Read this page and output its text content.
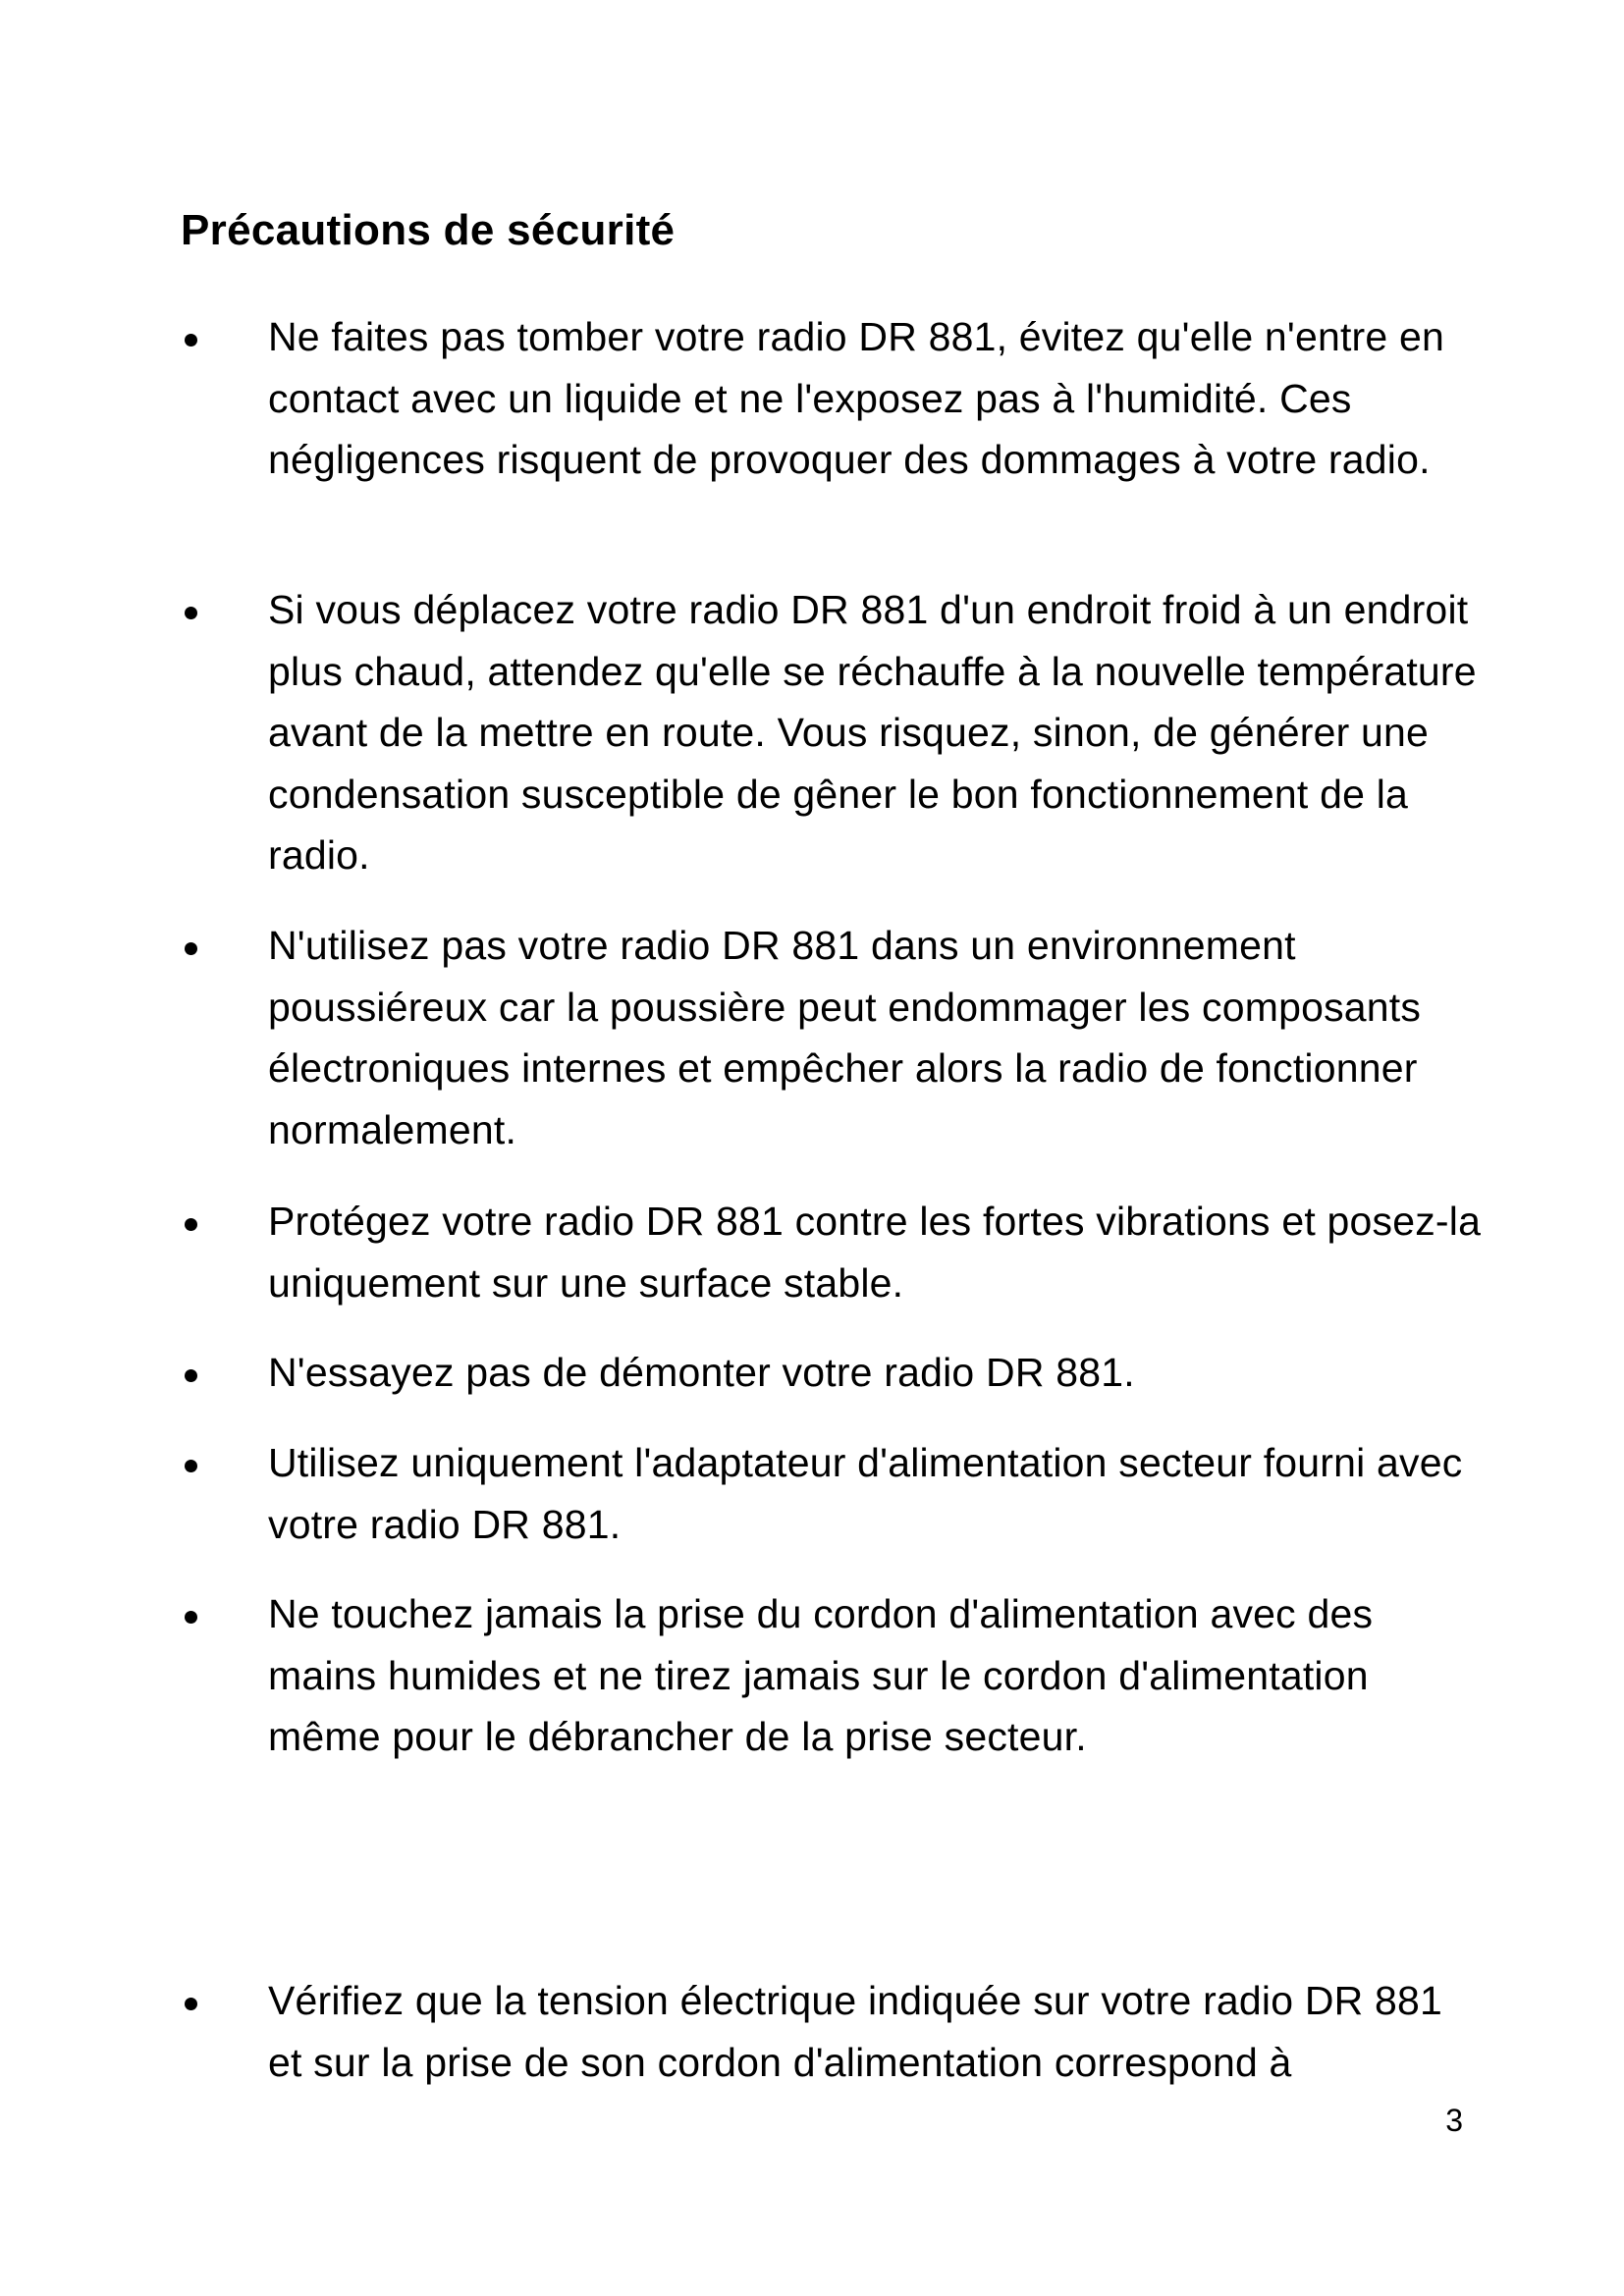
Précautions de sécurité

Ne faites pas tomber votre radio DR 881, évitez qu'elle n'entre en contact avec un liquide et ne l'exposez pas à l'humidité. Ces négligences risquent de provoquer des dommages à votre radio.

Si vous déplacez votre radio DR 881 d'un endroit froid à un endroit plus chaud, attendez qu'elle se réchauffe à la nouvelle température avant de la mettre en route. Vous risquez, sinon, de générer une condensation susceptible de gêner le bon fonctionnement de la radio.

N'utilisez pas votre radio DR 881 dans un environnement poussiéreux car la poussière peut endommager les composants électroniques internes et empêcher alors la radio de fonctionner normalement.

Protégez votre radio DR 881 contre les fortes vibrations et posez-la uniquement sur une surface stable.

N'essayez pas de démonter votre radio DR 881.

Utilisez uniquement l'adaptateur d'alimentation secteur fourni avec votre radio DR 881.

Ne touchez jamais la prise du cordon d'alimentation avec des mains humides et ne tirez jamais sur le cordon d'alimentation même pour le débrancher de la prise secteur.

Vérifiez que la tension électrique indiquée sur votre radio DR 881 et sur la prise de son cordon d'alimentation correspond à

3
